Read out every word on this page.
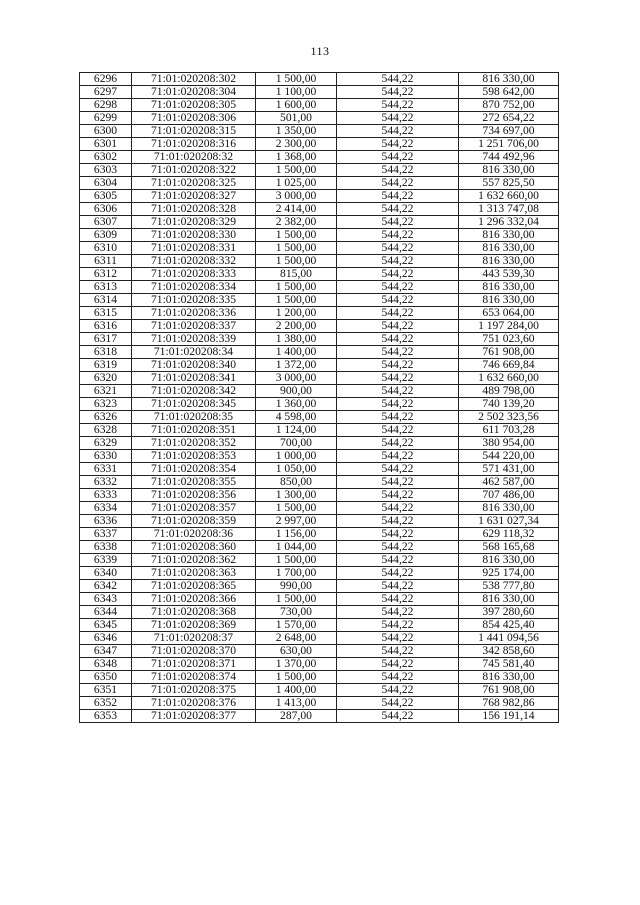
113
6296	71:01:020208:302	1 500,00	544,22	816 330,00
6297	71:01:020208:304	1 100,00	544,22	598 642,00
6298	71:01:020208:305	1 600,00	544,22	870 752,00
6299	71:01:020208:306	501,00	544,22	272 654,22
6300	71:01:020208:315	1 350,00	544,22	734 697,00
6301	71:01:020208:316	2 300,00	544,22	1 251 706,00
6302	71:01:020208:32	1 368,00	544,22	744 492,96
6303	71:01:020208:322	1 500,00	544,22	816 330,00
6304	71:01:020208:325	1 025,00	544,22	557 825,50
6305	71:01:020208:327	3 000,00	544,22	1 632 660,00
6306	71:01:020208:328	2 414,00	544,22	1 313 747,08
6307	71:01:020208:329	2 382,00	544,22	1 296 332,04
6309	71:01:020208:330	1 500,00	544,22	816 330,00
6310	71:01:020208:331	1 500,00	544,22	816 330,00
6311	71:01:020208:332	1 500,00	544,22	816 330,00
6312	71:01:020208:333	815,00	544,22	443 539,30
6313	71:01:020208:334	1 500,00	544,22	816 330,00
6314	71:01:020208:335	1 500,00	544,22	816 330,00
6315	71:01:020208:336	1 200,00	544,22	653 064,00
6316	71:01:020208:337	2 200,00	544,22	1 197 284,00
6317	71:01:020208:339	1 380,00	544,22	751 023,60
6318	71:01:020208:34	1 400,00	544,22	761 908,00
6319	71:01:020208:340	1 372,00	544,22	746 669,84
6320	71:01:020208:341	3 000,00	544,22	1 632 660,00
6321	71:01:020208:342	900,00	544,22	489 798,00
6323	71:01:020208:345	1 360,00	544,22	740 139,20
6326	71:01:020208:35	4 598,00	544,22	2 502 323,56
6328	71:01:020208:351	1 124,00	544,22	611 703,28
6329	71:01:020208:352	700,00	544,22	380 954,00
6330	71:01:020208:353	1 000,00	544,22	544 220,00
6331	71:01:020208:354	1 050,00	544,22	571 431,00
6332	71:01:020208:355	850,00	544,22	462 587,00
6333	71:01:020208:356	1 300,00	544,22	707 486,00
6334	71:01:020208:357	1 500,00	544,22	816 330,00
6336	71:01:020208:359	2 997,00	544,22	1 631 027,34
6337	71:01:020208:36	1 156,00	544,22	629 118,32
6338	71:01:020208:360	1 044,00	544,22	568 165,68
6339	71:01:020208:362	1 500,00	544,22	816 330,00
6340	71:01:020208:363	1 700,00	544,22	925 174,00
6342	71:01:020208:365	990,00	544,22	538 777,80
6343	71:01:020208:366	1 500,00	544,22	816 330,00
6344	71:01:020208:368	730,00	544,22	397 280,60
6345	71:01:020208:369	1 570,00	544,22	854 425,40
6346	71:01:020208:37	2 648,00	544,22	1 441 094,56
6347	71:01:020208:370	630,00	544,22	342 858,60
6348	71:01:020208:371	1 370,00	544,22	745 581,40
6350	71:01:020208:374	1 500,00	544,22	816 330,00
6351	71:01:020208:375	1 400,00	544,22	761 908,00
6352	71:01:020208:376	1 413,00	544,22	768 982,86
6353	71:01:020208:377	287,00	544,22	156 191,14
